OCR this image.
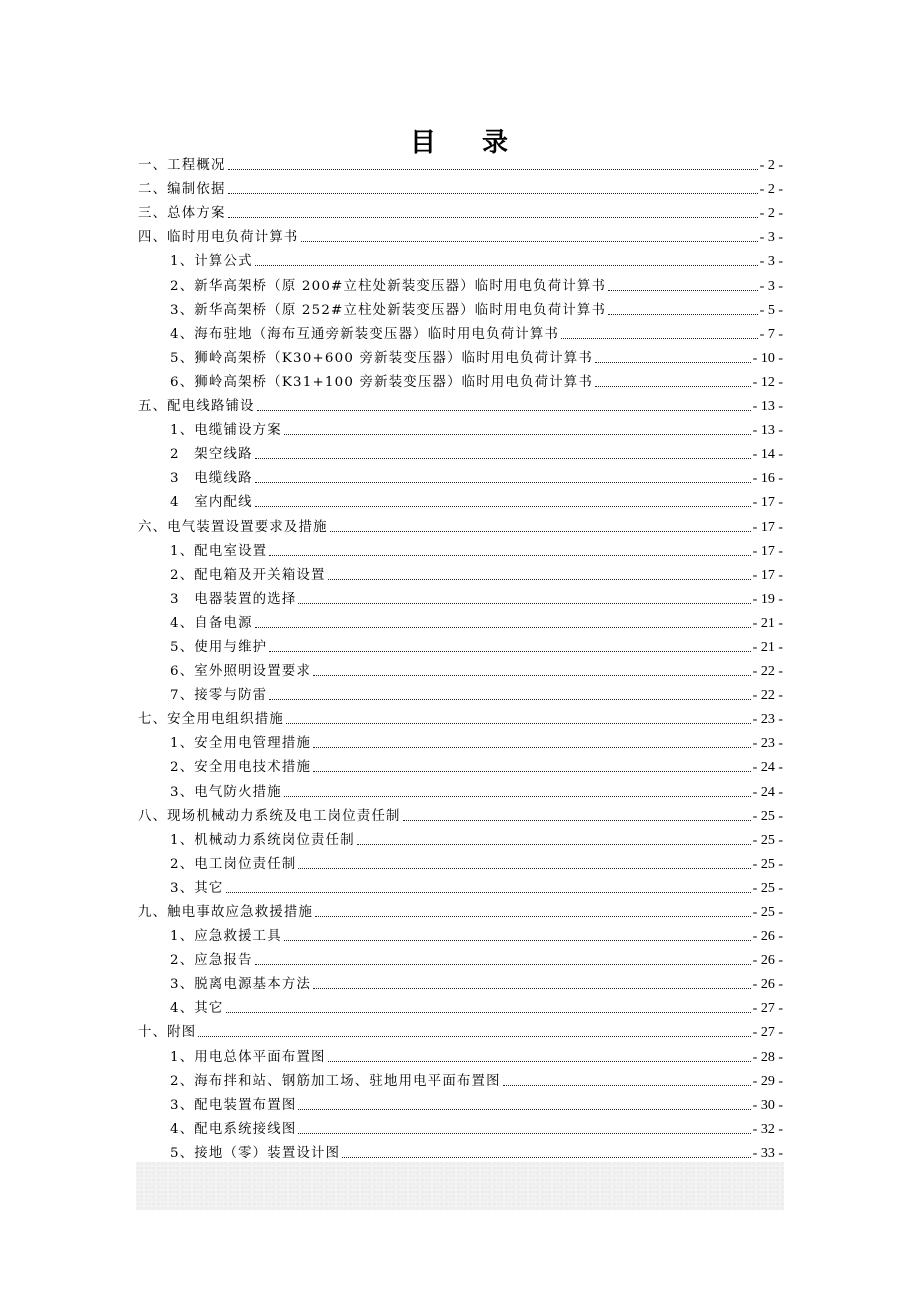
目 录
一、工程概况	- 2 -
二、编制依据	- 2 -
三、总体方案	- 2 -
四、临时用电负荷计算书	- 3 -
1、计算公式	- 3 -
2、新华高架桥（原 200#立柱处新装变压器）临时用电负荷计算书	- 3 -
3、新华高架桥（原 252#立柱处新装变压器）临时用电负荷计算书	- 5 -
4、海布驻地（海布互通旁新装变压器）临时用电负荷计算书	- 7 -
5、狮岭高架桥（K30+600 旁新装变压器）临时用电负荷计算书	- 10 -
6、狮岭高架桥（K31+100 旁新装变压器）临时用电负荷计算书	- 12 -
五、配电线路铺设	- 13 -
1、电缆铺设方案	- 13 -
2　架空线路	- 14 -
3　电缆线路	- 16 -
4　室内配线	- 17 -
六、电气装置设置要求及措施	- 17 -
1、配电室设置	- 17 -
2、配电箱及开关箱设置	- 17 -
3　电器装置的选择	- 19 -
4、自备电源	- 21 -
5、使用与维护	- 21 -
6、室外照明设置要求	- 22 -
7、接零与防雷	- 22 -
七、安全用电组织措施	- 23 -
1、安全用电管理措施	- 23 -
2、安全用电技术措施	- 24 -
3、电气防火措施	- 24 -
八、现场机械动力系统及电工岗位责任制	- 25 -
1、机械动力系统岗位责任制	- 25 -
2、电工岗位责任制	- 25 -
3、其它	- 25 -
九、触电事故应急救援措施	- 25 -
1、应急救援工具	- 26 -
2、应急报告	- 26 -
3、脱离电源基本方法	- 26 -
4、其它	- 27 -
十、附图	- 27 -
1、用电总体平面布置图	- 28 -
2、海布拌和站、钢筋加工场、驻地用电平面布置图	- 29 -
3、配电装置布置图	- 30 -
4、配电系统接线图	- 32 -
5、接地（零）装置设计图	- 33 -
